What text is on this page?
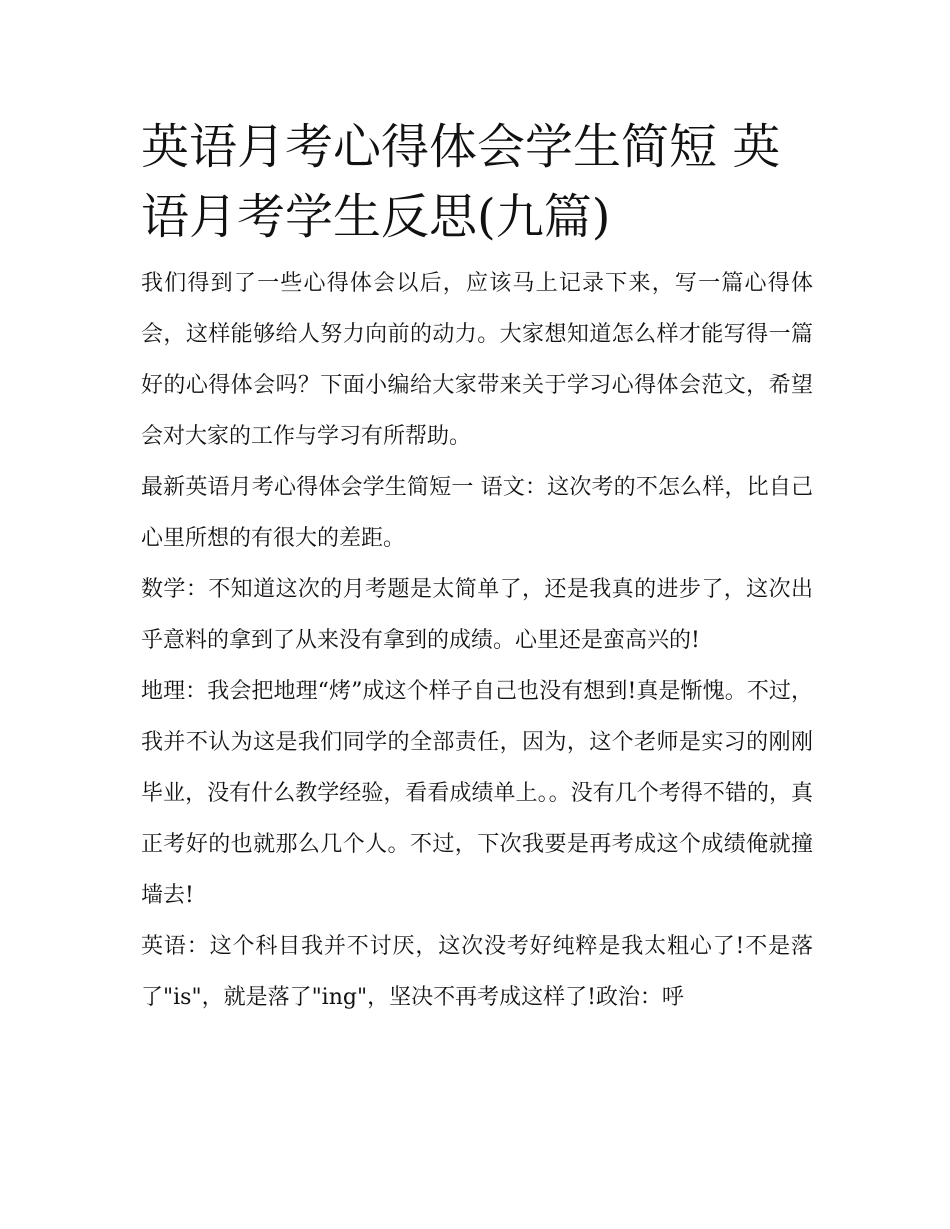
英语月考心得体会学生简短 英语月考学生反思(九篇)

我们得到了一些心得体会以后，应该马上记录下来，写一篇心得体会，这样能够给人努力向前的动力。大家想知道怎么样才能写得一篇好的心得体会吗？下面小编给大家带来关于学习心得体会范文，希望会对大家的工作与学习有所帮助。

最新英语月考心得体会学生简短一 语文：这次考的不怎么样，比自己心里所想的有很大的差距。

数学：不知道这次的月考题是太简单了，还是我真的进步了，这次出乎意料的拿到了从来没有拿到的成绩。心里还是蛮高兴的!

地理：我会把地理“烤”成这个样子自己也没有想到!真是惭愧。不过，我并不认为这是我们同学的全部责任，因为，这个老师是实习的刚刚毕业，没有什么教学经验，看看成绩单上。。没有几个考得不错的，真正考好的也就那么几个人。不过，下次我要是再考成这个成绩俺就撞墙去!

英语：这个科目我并不讨厌，这次没考好纯粹是我太粗心了!不是落了"is"，就是落了"ing"，坚决不再考成这样了!政治：呼
